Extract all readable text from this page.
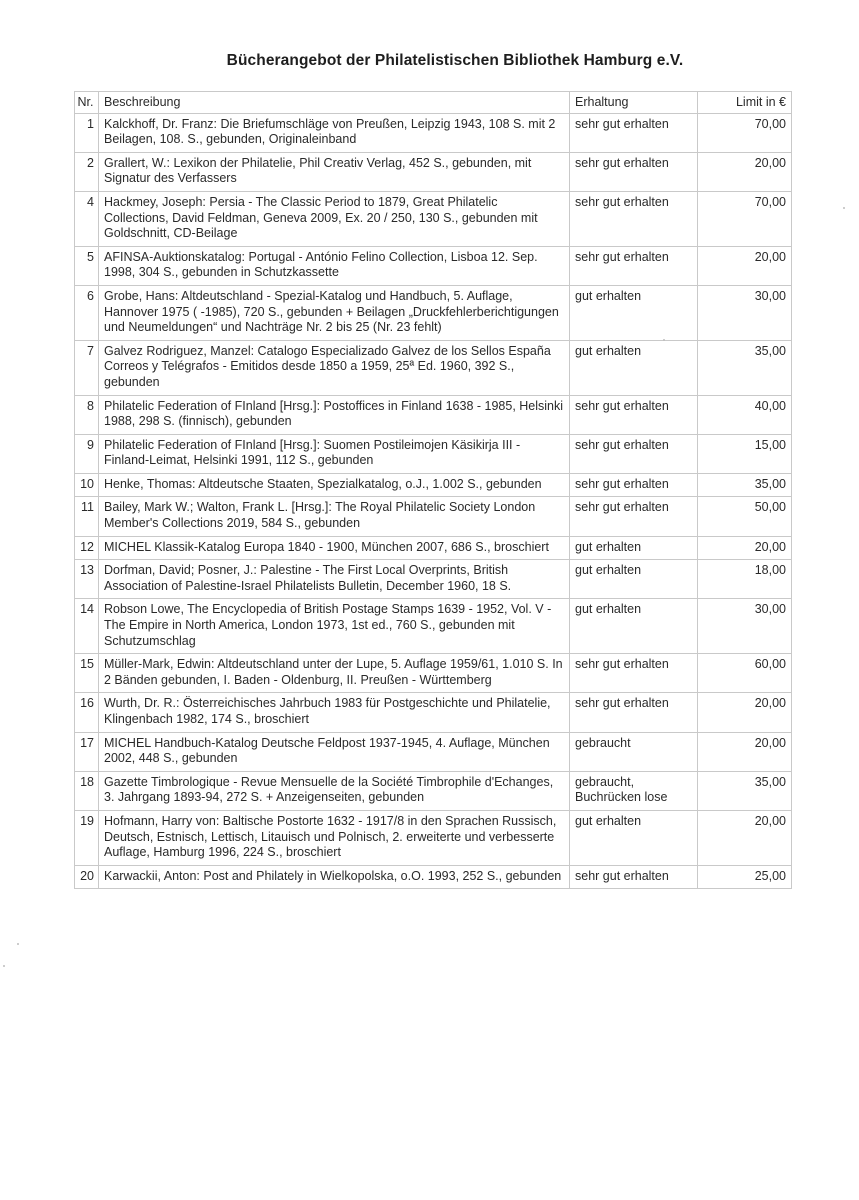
Bücherangebot der Philatelistischen Bibliothek Hamburg e.V.
Nr.	Beschreibung	Erhaltung	Limit in €
1	Kalckhoff, Dr. Franz: Die Briefumschläge von Preußen, Leipzig 1943, 108 S. mit 2 Beilagen, 108. S., gebunden, Originaleinband	sehr gut erhalten	70,00
2	Grallert, W.: Lexikon der Philatelie, Phil Creativ Verlag, 452 S., gebunden, mit Signatur des Verfassers	sehr gut erhalten	20,00
4	Hackmey, Joseph: Persia - The Classic Period to 1879, Great Philatelic Collections, David Feldman, Geneva 2009, Ex. 20 / 250, 130 S., gebunden mit Goldschnitt, CD-Beilage	sehr gut erhalten	70,00
5	AFINSA-Auktionskatalog: Portugal - António Felino Collection, Lisboa 12. Sep. 1998, 304 S., gebunden in Schutzkassette	sehr gut erhalten	20,00
6	Grobe, Hans: Altdeutschland - Spezial-Katalog und Handbuch, 5. Auflage, Hannover 1975 ( -1985), 720 S., gebunden + Beilagen „Druckfehlerberichtigungen und Neumeldungen“ und Nachträge Nr. 2 bis 25 (Nr. 23 fehlt)	gut erhalten	30,00
7	Galvez Rodriguez, Manzel: Catalogo Especializado Galvez de los Sellos España Correos y Telégrafos - Emitidos desde 1850 a 1959, 25ª Ed. 1960, 392 S., gebunden	gut erhalten	35,00
8	Philatelic Federation of FInland [Hrsg.]: Postoffices in Finland 1638 - 1985, Helsinki 1988, 298 S. (finnisch), gebunden	sehr gut erhalten	40,00
9	Philatelic Federation of FInland [Hrsg.]: Suomen Postileimojen Käsikirja III - Finland-Leimat, Helsinki 1991, 112 S., gebunden	sehr gut erhalten	15,00
10	Henke, Thomas: Altdeutsche Staaten, Spezialkatalog, o.J., 1.002 S., gebunden	sehr gut erhalten	35,00
11	Bailey, Mark W.; Walton, Frank L. [Hrsg.]: The Royal Philatelic Society London Member's Collections 2019, 584 S., gebunden	sehr gut erhalten	50,00
12	MICHEL Klassik-Katalog Europa 1840 - 1900, München 2007, 686 S., broschiert	gut erhalten	20,00
13	Dorfman, David; Posner, J.: Palestine - The First Local Overprints, British Association of Palestine-Israel Philatelists Bulletin, December 1960, 18 S.	gut erhalten	18,00
14	Robson Lowe, The Encyclopedia of British Postage Stamps 1639 - 1952, Vol. V - The Empire in North America, London 1973, 1st ed., 760 S., gebunden mit Schutzumschlag	gut erhalten	30,00
15	Müller-Mark, Edwin: Altdeutschland unter der Lupe, 5. Auflage 1959/61, 1.010 S. In 2 Bänden gebunden, I. Baden - Oldenburg, II. Preußen - Württemberg	sehr gut erhalten	60,00
16	Wurth, Dr. R.: Österreichisches Jahrbuch 1983 für Postgeschichte und Philatelie, Klingenbach 1982, 174 S., broschiert	sehr gut erhalten	20,00
17	MICHEL Handbuch-Katalog Deutsche Feldpost 1937-1945, 4. Auflage, München 2002, 448 S., gebunden	gebraucht	20,00
18	Gazette Timbrologique - Revue Mensuelle de la Société Timbrophile d'Echanges, 3. Jahrgang 1893-94, 272 S. + Anzeigenseiten, gebunden	gebraucht, Buchrücken lose	35,00
19	Hofmann, Harry von: Baltische Postorte 1632 - 1917/8 in den Sprachen Russisch, Deutsch, Estnisch, Lettisch, Litauisch und Polnisch, 2. erweiterte und verbesserte Auflage, Hamburg 1996, 224 S., broschiert	gut erhalten	20,00
20	Karwackii, Anton: Post and Philately in Wielkopolska, o.O. 1993, 252 S., gebunden	sehr gut erhalten	25,00
